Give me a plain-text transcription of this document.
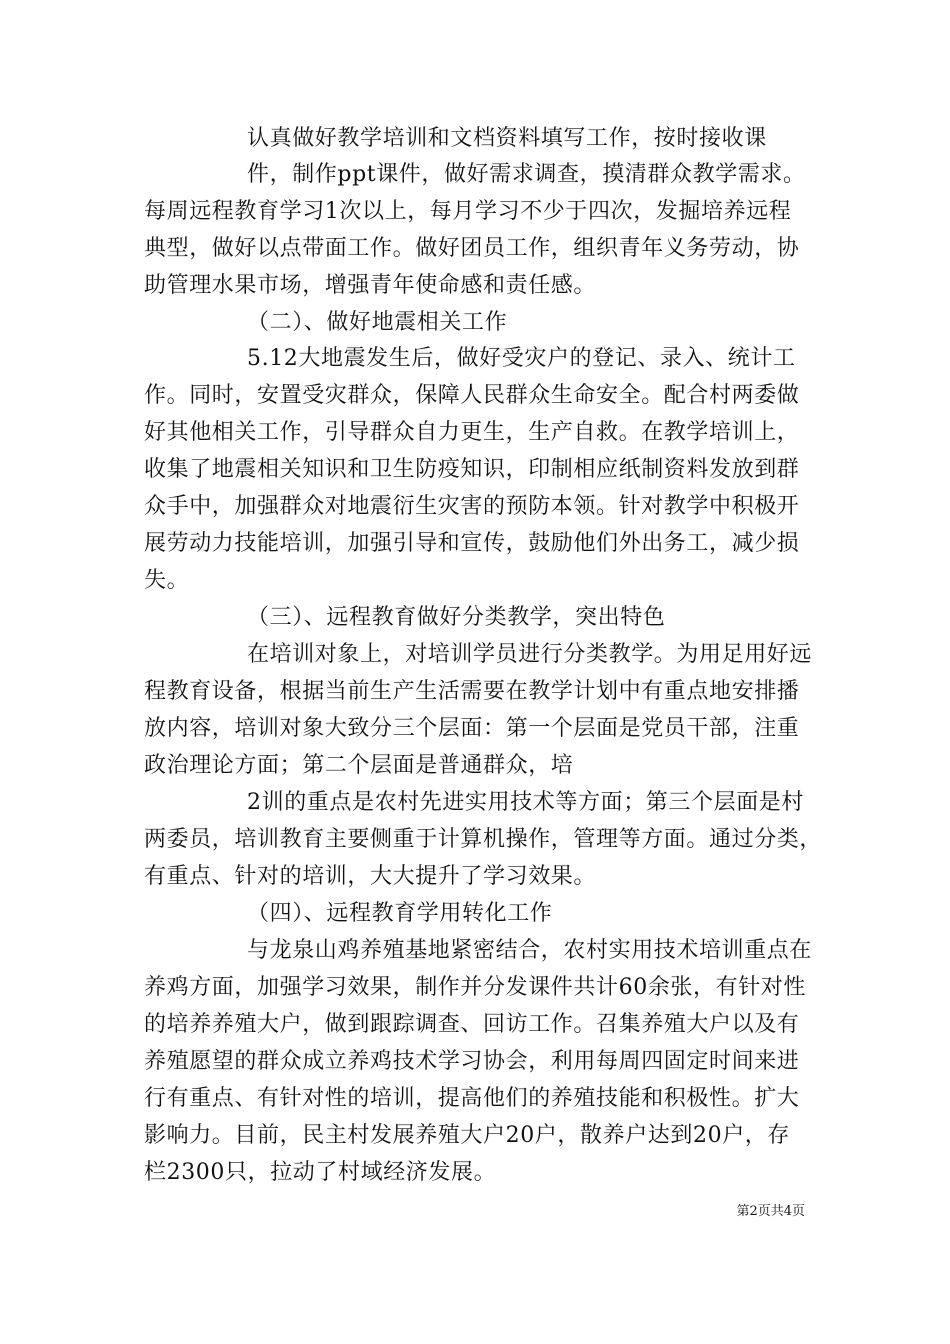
认真做好教学培训和文档资料填写工作，按时接收课
件，制作ppt课件，做好需求调查，摸清群众教学需求。
每周远程教育学习1次以上，每月学习不少于四次，发掘培养远程
典型，做好以点带面工作。做好团员工作，组织青年义务劳动，协
助管理水果市场，增强青年使命感和责任感。
（二）、做好地震相关工作
5.12大地震发生后，做好受灾户的登记、录入、统计工
作。同时，安置受灾群众，保障人民群众生命安全。配合村两委做
好其他相关工作，引导群众自力更生，生产自救。在教学培训上，
收集了地震相关知识和卫生防疫知识，印制相应纸制资料发放到群
众手中，加强群众对地震衍生灾害的预防本领。针对教学中积极开
展劳动力技能培训，加强引导和宣传，鼓励他们外出务工，减少损
失。
（三）、远程教育做好分类教学，突出特色
在培训对象上，对培训学员进行分类教学。为用足用好远
程教育设备，根据当前生产生活需要在教学计划中有重点地安排播
放内容，培训对象大致分三个层面：第一个层面是党员干部，注重
政治理论方面；第二个层面是普通群众，培
2训的重点是农村先进实用技术等方面；第三个层面是村
两委员，培训教育主要侧重于计算机操作，管理等方面。通过分类，
有重点、针对的培训，大大提升了学习效果。
（四）、远程教育学用转化工作
与龙泉山鸡养殖基地紧密结合，农村实用技术培训重点在
养鸡方面，加强学习效果，制作并分发课件共计60余张，有针对性
的培养养殖大户，做到跟踪调查、回访工作。召集养殖大户以及有
养殖愿望的群众成立养鸡技术学习协会，利用每周四固定时间来进
行有重点、有针对性的培训，提高他们的养殖技能和积极性。扩大
影响力。目前，民主村发展养殖大户20户，散养户达到20户，存
栏2300只，拉动了村域经济发展。
第2页共4页
